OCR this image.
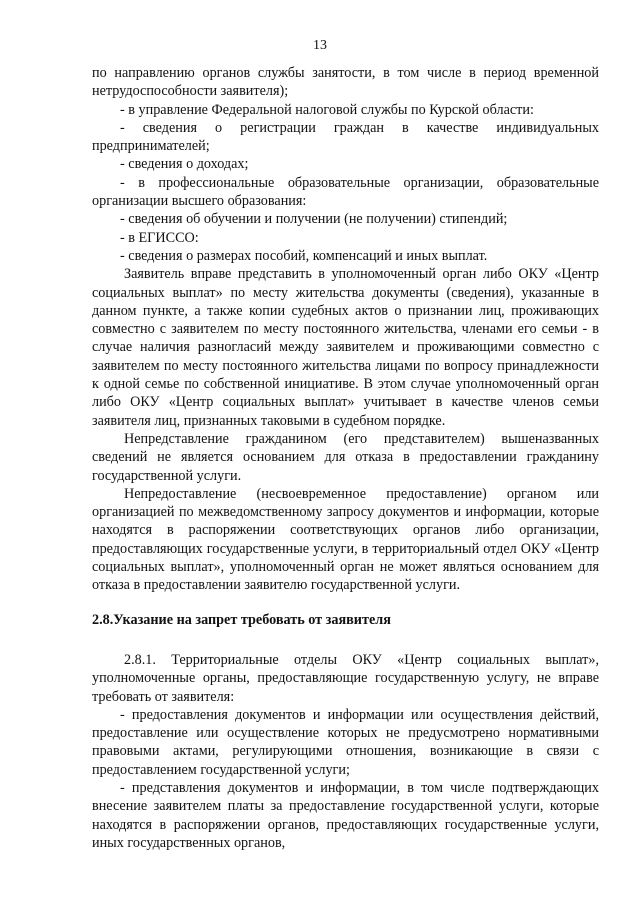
13

по направлению органов службы занятости, в том числе в период временной нетрудоспособности заявителя);

- в управление Федеральной налоговой службы по Курской области:

- сведения о регистрации граждан в качестве индивидуальных предпринимателей;

- сведения о доходах;

- в профессиональные образовательные организации, образовательные организации высшего образования:

- сведения об обучении и получении (не получении) стипендий;

- в ЕГИССО:

- сведения о размерах пособий, компенсаций и иных выплат.

Заявитель вправе представить в уполномоченный орган либо ОКУ «Центр социальных выплат» по месту жительства документы (сведения), указанные в данном пункте, а также копии судебных актов о признании лиц, проживающих совместно с заявителем по месту постоянного жительства, членами его семьи - в случае наличия разногласий между заявителем и проживающими совместно с заявителем по месту постоянного жительства лицами по вопросу принадлежности к одной семье по собственной инициативе. В этом случае уполномоченный орган либо ОКУ «Центр социальных выплат» учитывает в качестве членов семьи заявителя лиц, признанных таковыми в судебном порядке.

Непредставление гражданином (его представителем) вышеназванных сведений не является основанием для отказа в предоставлении гражданину государственной услуги.

Непредоставление (несвоевременное предоставление) органом или организацией по межведомственному запросу документов и информации, которые находятся в распоряжении соответствующих органов либо организации, предоставляющих государственные услуги, в территориальный отдел ОКУ «Центр социальных выплат», уполномоченный орган не может являться основанием для отказа в предоставлении заявителю государственной услуги.

2.8.Указание на запрет требовать от заявителя

2.8.1. Территориальные отделы ОКУ «Центр социальных выплат», уполномоченные органы, предоставляющие государственную услугу, не вправе требовать от заявителя:

- предоставления документов и информации или осуществления действий, предоставление или осуществление которых не предусмотрено нормативными правовыми актами, регулирующими отношения, возникающие в связи с предоставлением государственной услуги;

- представления документов и информации, в том числе подтверждающих внесение заявителем платы за предоставление государственной услуги, которые находятся в распоряжении органов, предоставляющих государственные услуги, иных государственных органов,
